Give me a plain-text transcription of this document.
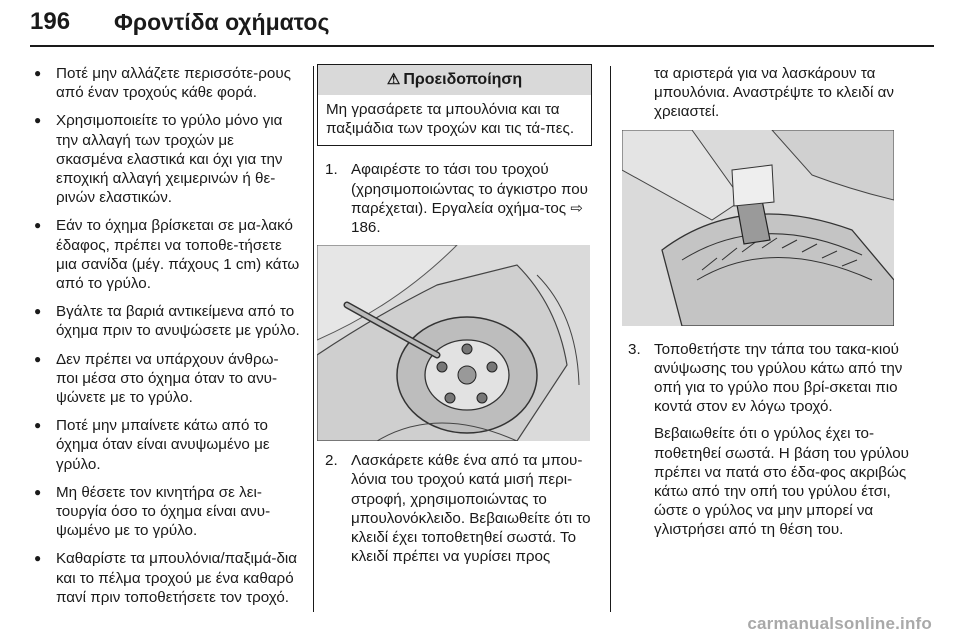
196 Φροντίδα οχήματος
● Ποτέ μην αλλάζετε περισσότε-ρους από έναν τροχούς κάθε φορά.
● Χρησιμοποιείτε το γρύλο μόνο για την αλλαγή των τροχών με σκασμένα ελαστικά και όχι για την εποχική αλλαγή χειμερινών ή θε-ρινών ελαστικών.
● Εάν το όχημα βρίσκεται σε μα-λακό έδαφος, πρέπει να τοποθε-τήσετε μια σανίδα (μέγ. πάχους 1 cm) κάτω από το γρύλο.
● Βγάλτε τα βαριά αντικείμενα από το όχημα πριν το ανυψώσετε με γρύλο.
● Δεν πρέπει να υπάρχουν άνθρω-ποι μέσα στο όχημα όταν το ανυ-ψώνετε με το γρύλο.
● Ποτέ μην μπαίνετε κάτω από το όχημα όταν είναι ανυψωμένο με γρύλο.
● Μη θέσετε τον κινητήρα σε λει-τουργία όσο το όχημα είναι ανυ-ψωμένο με το γρύλο.
● Καθαρίστε τα μπουλόνια/παξιμά-δια και το πέλμα τροχού με ένα καθαρό πανί πριν τοποθετήσετε τον τροχό.
⚠ Προειδοποίηση
Μη γρασάρετε τα μπουλόνια και τα παξιμάδια των τροχών και τις τά-πες.
1. Αφαιρέστε το τάσι του τροχού (χρησιμοποιώντας το άγκιστρο που παρέχεται). Εργαλεία οχήμα-τος ⇨ 186.
2. Λασκάρετε κάθε ένα από τα μπου-λόνια του τροχού κατά μισή περι-στροφή, χρησιμοποιώντας το μπουλονόκλειδο. Βεβαιωθείτε ότι το κλειδί έχει τοποθετηθεί σωστά. Το κλειδί πρέπει να γυρίσει προς
τα αριστερά για να λασκάρουν τα μπουλόνια. Αναστρέψτε το κλειδί αν χρειαστεί.
3. Τοποθετήστε την τάπα του τακα-κιού ανύψωσης του γρύλου κάτω από την οπή για το γρύλο που βρί-σκεται πιο κοντά στον εν λόγω τροχό.
Βεβαιωθείτε ότι ο γρύλος έχει το-ποθετηθεί σωστά. Η βάση του γρύλου πρέπει να πατά στο έδα-φος ακριβώς κάτω από την οπή του γρύλου έτσι, ώστε ο γρύλος να μην μπορεί να γλιστρήσει από τη θέση του.
carmanualsonline.info
